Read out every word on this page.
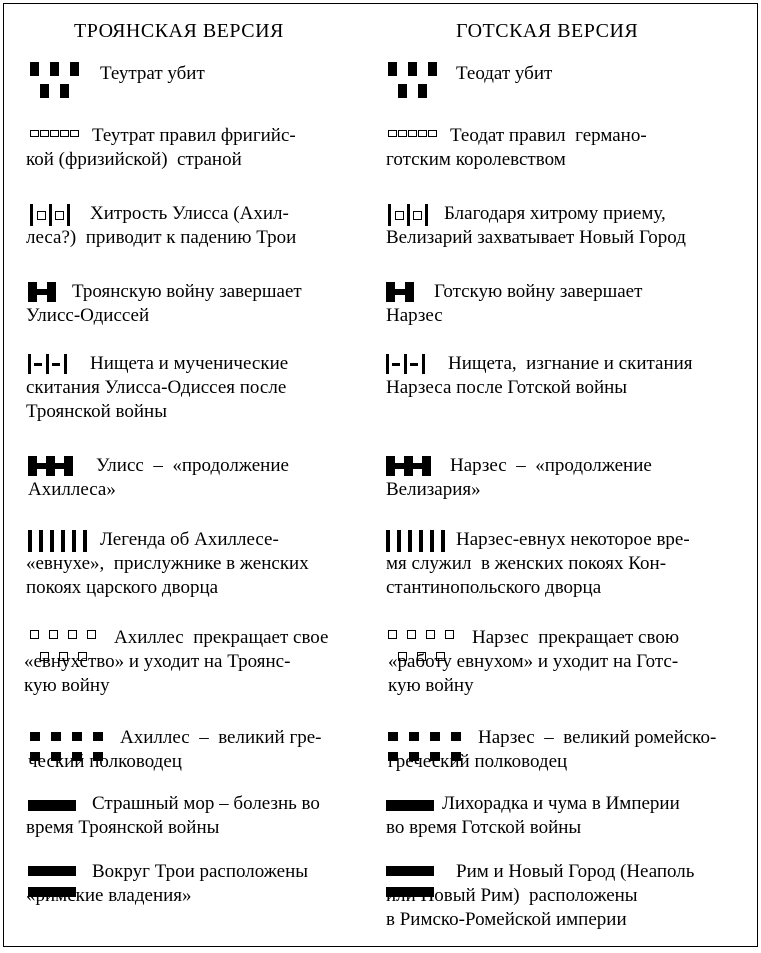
ТРОЯНСКАЯ ВЕРСИЯ	ГОТСКАЯ ВЕРСИЯ
Теутрат убит
Теутрат правил фригийс-
кой (фризийской)  страной
Хитрость Улисса (Ахил-
леса?)  приводит к падению Трои
Троянскую войну завершает
Улисс-Одиссей
Нищета и мученические
скитания Улисса-Одиссея после
Троянской войны
Улисс  –  «продолжение
Ахиллеса»
Легенда об Ахиллесе-
«евнухе»,  прислужнике в женских
покоях царского дворца
Ахиллес  прекращает свое
«евнухство» и уходит на Троянс-
кую войну
Ахиллес  –  великий гре-
ческий полководец
Страшный мор – болезнь во
время Троянской войны
Вокруг Трои расположены
«римские владения»
Теодат убит
Теодат правил  германо-
готским королевством
Благодаря хитрому приему,
Велизарий захватывает Новый Город
Готскую войну завершает
Нарзес
Нищета,  изгнание и скитания
Нарзеса после Готской войны
Нарзес  –  «продолжение
Велизария»
Нарзес-евнух некоторое вре-
мя служил  в женских покоях Кон-
стантинопольского дворца
Нарзес  прекращает свою
«работу евнухом» и уходит на Готс-
кую войну
Нарзес  –  великий ромейско-
греческий полководец
Лихорадка и чума в Империи
во время Готской войны
Рим и Новый Город (Неаполь
или Новый Рим)  расположены
в Римско-Ромейской империи
